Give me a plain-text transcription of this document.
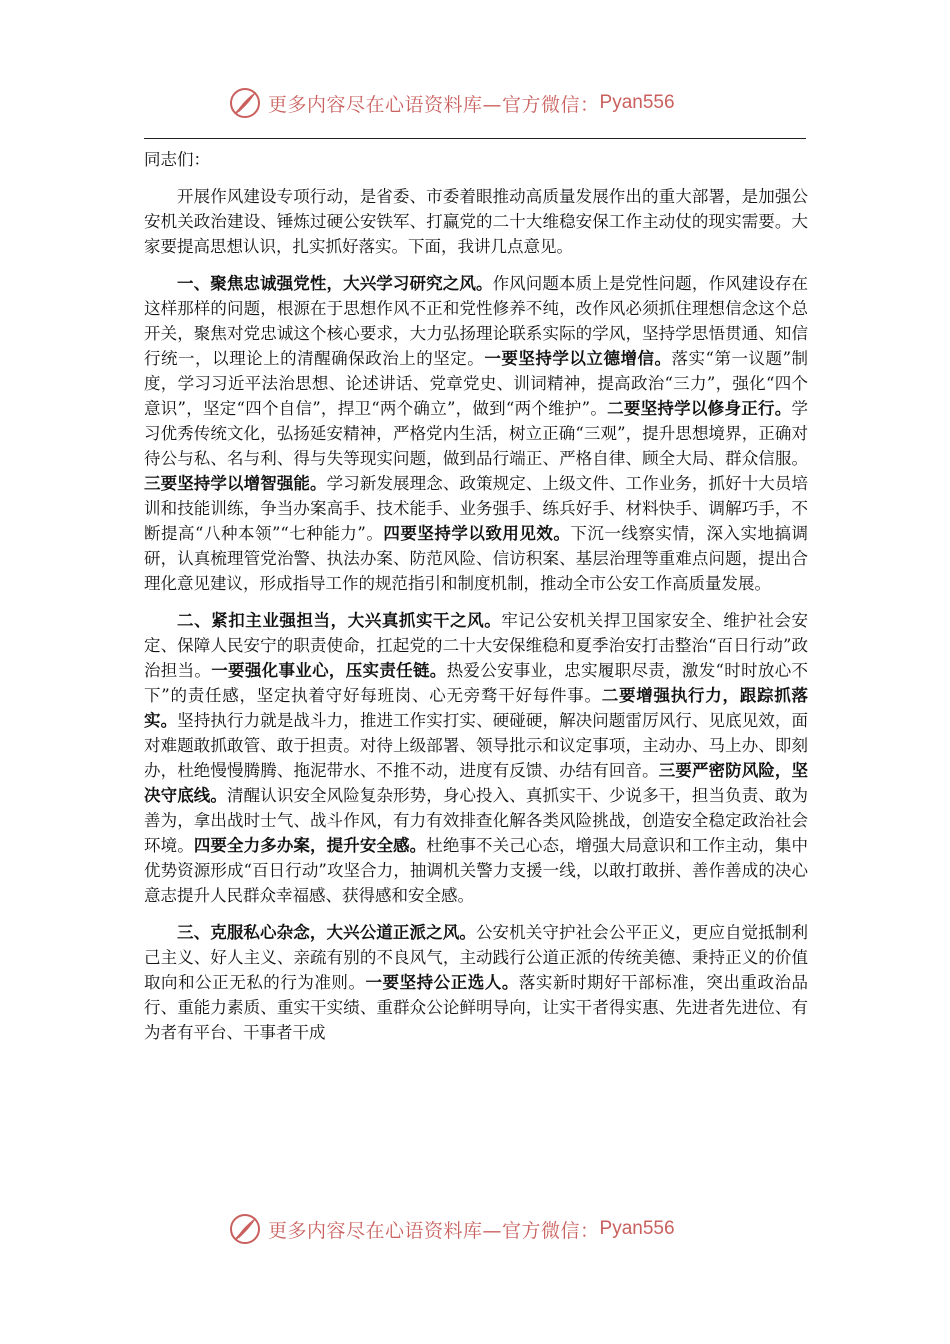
更多内容尽在心语资料库—官方微信： Pyan556

同志们：

开展作风建设专项行动，是省委、市委着眼推动高质量发展作出的重大部署，是加强公安机关政治建设、锤炼过硬公安铁军、打赢党的二十大维稳安保工作主动仗的现实需要。大家要提高思想认识，扎实抓好落实。下面，我讲几点意见。

一、聚焦忠诚强党性，大兴学习研究之风。作风问题本质上是党性问题，作风建设存在这样那样的问题，根源在于思想作风不正和党性修养不纯，改作风必须抓住理想信念这个总开关，聚焦对党忠诚这个核心要求，大力弘扬理论联系实际的学风，坚持学思悟贯通、知信行统一，以理论上的清醒确保政治上的坚定。一要坚持学以立德增信。落实“第一议题”制度，学习习近平法治思想、论述讲话、党章党史、训词精神，提高政治“三力”，强化“四个意识”，坚定“四个自信”，捍卫“两个确立”，做到“两个维护”。二要坚持学以修身正行。学习优秀传统文化，弘扬延安精神，严格党内生活，树立正确“三观”，提升思想境界，正确对待公与私、名与利、得与失等现实问题，做到品行端正、严格自律、顾全大局、群众信服。三要坚持学以增智强能。学习新发展理念、政策规定、上级文件、工作业务，抓好十大员培训和技能训练，争当办案高手、技术能手、业务强手、练兵好手、材料快手、调解巧手，不断提高“八种本领”“七种能力”。四要坚持学以致用见效。下沉一线察实情，深入实地搞调研，认真梳理管党治警、执法办案、防范风险、信访积案、基层治理等重难点问题，提出合理化意见建议，形成指导工作的规范指引和制度机制，推动全市公安工作高质量发展。

二、紧扣主业强担当，大兴真抓实干之风。牢记公安机关捍卫国家安全、维护社会安定、保障人民安宁的职责使命，扛起党的二十大安保维稳和夏季治安打击整治“百日行动”政治担当。一要强化事业心，压实责任链。热爱公安事业，忠实履职尽责，激发“时时放心不下”的责任感，坚定执着守好每班岗、心无旁骛干好每件事。二要增强执行力，跟踪抓落实。坚持执行力就是战斗力，推进工作实打实、硬碰硬，解决问题雷厉风行、见底见效，面对难题敢抓敢管、敢于担责。对待上级部署、领导批示和议定事项，主动办、马上办、即刻办，杜绝慢慢腾腾、拖泥带水、不推不动，进度有反馈、办结有回音。三要严密防风险，坚决守底线。清醒认识安全风险复杂形势，身心投入、真抓实干、少说多干，担当负责、敢为善为，拿出战时士气、战斗作风，有力有效排查化解各类风险挑战，创造安全稳定政治社会环境。四要全力多办案，提升安全感。杜绝事不关己心态，增强大局意识和工作主动，集中优势资源形成“百日行动”攻坚合力，抽调机关警力支援一线，以敢打敢拼、善作善成的决心意志提升人民群众幸福感、获得感和安全感。

三、克服私心杂念，大兴公道正派之风。公安机关守护社会公平正义，更应自觉抵制利己主义、好人主义、亲疏有别的不良风气，主动践行公道正派的传统美德、秉持正义的价值取向和公正无私的行为准则。一要坚持公正选人。落实新时期好干部标准，突出重政治品行、重能力素质、重实干实绩、重群众公论鲜明导向，让实干者得实惠、先进者先进位、有为者有平台、干事者干成

更多内容尽在心语资料库—官方微信： Pyan556
